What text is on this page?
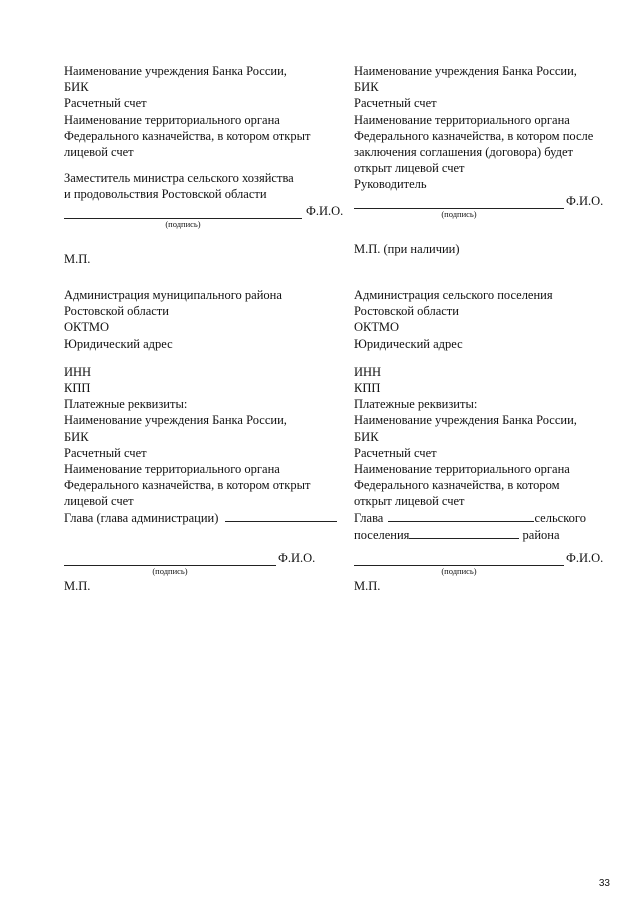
Наименование учреждения Банка России,
БИК
Расчетный счет
Наименование территориального органа
Федерального казначейства, в котором открыт
лицевой счет
Заместитель министра сельского хозяйства
и продовольствия Ростовской области
Ф.И.О.
(подпись)
М.П.
Наименование учреждения Банка России,
БИК
Расчетный счет
Наименование территориального органа
Федерального казначейства, в котором после
заключения соглашения (договора) будет
открыт лицевой счет
Руководитель
Ф.И.О.
(подпись)
М.П. (при наличии)
Администрация муниципального района
Ростовской области
ОКТМО
Юридический адрес
ИНН
КПП
Платежные реквизиты:
Наименование учреждения Банка России,
БИК
Расчетный счет
Наименование территориального органа
Федерального казначейства, в котором открыт
лицевой счет
Глава (глава администрации)
Ф.И.О.
(подпись)
М.П.
Администрация сельского поселения
Ростовской области
ОКТМО
Юридический адрес
ИНН
КПП
Платежные реквизиты:
Наименование учреждения Банка России,
БИК
Расчетный счет
Наименование территориального органа
Федерального казначейства, в котором
открыт лицевой счет
Глава	сельского
поселения	района
Ф.И.О.
(подпись)
М.П.
33
